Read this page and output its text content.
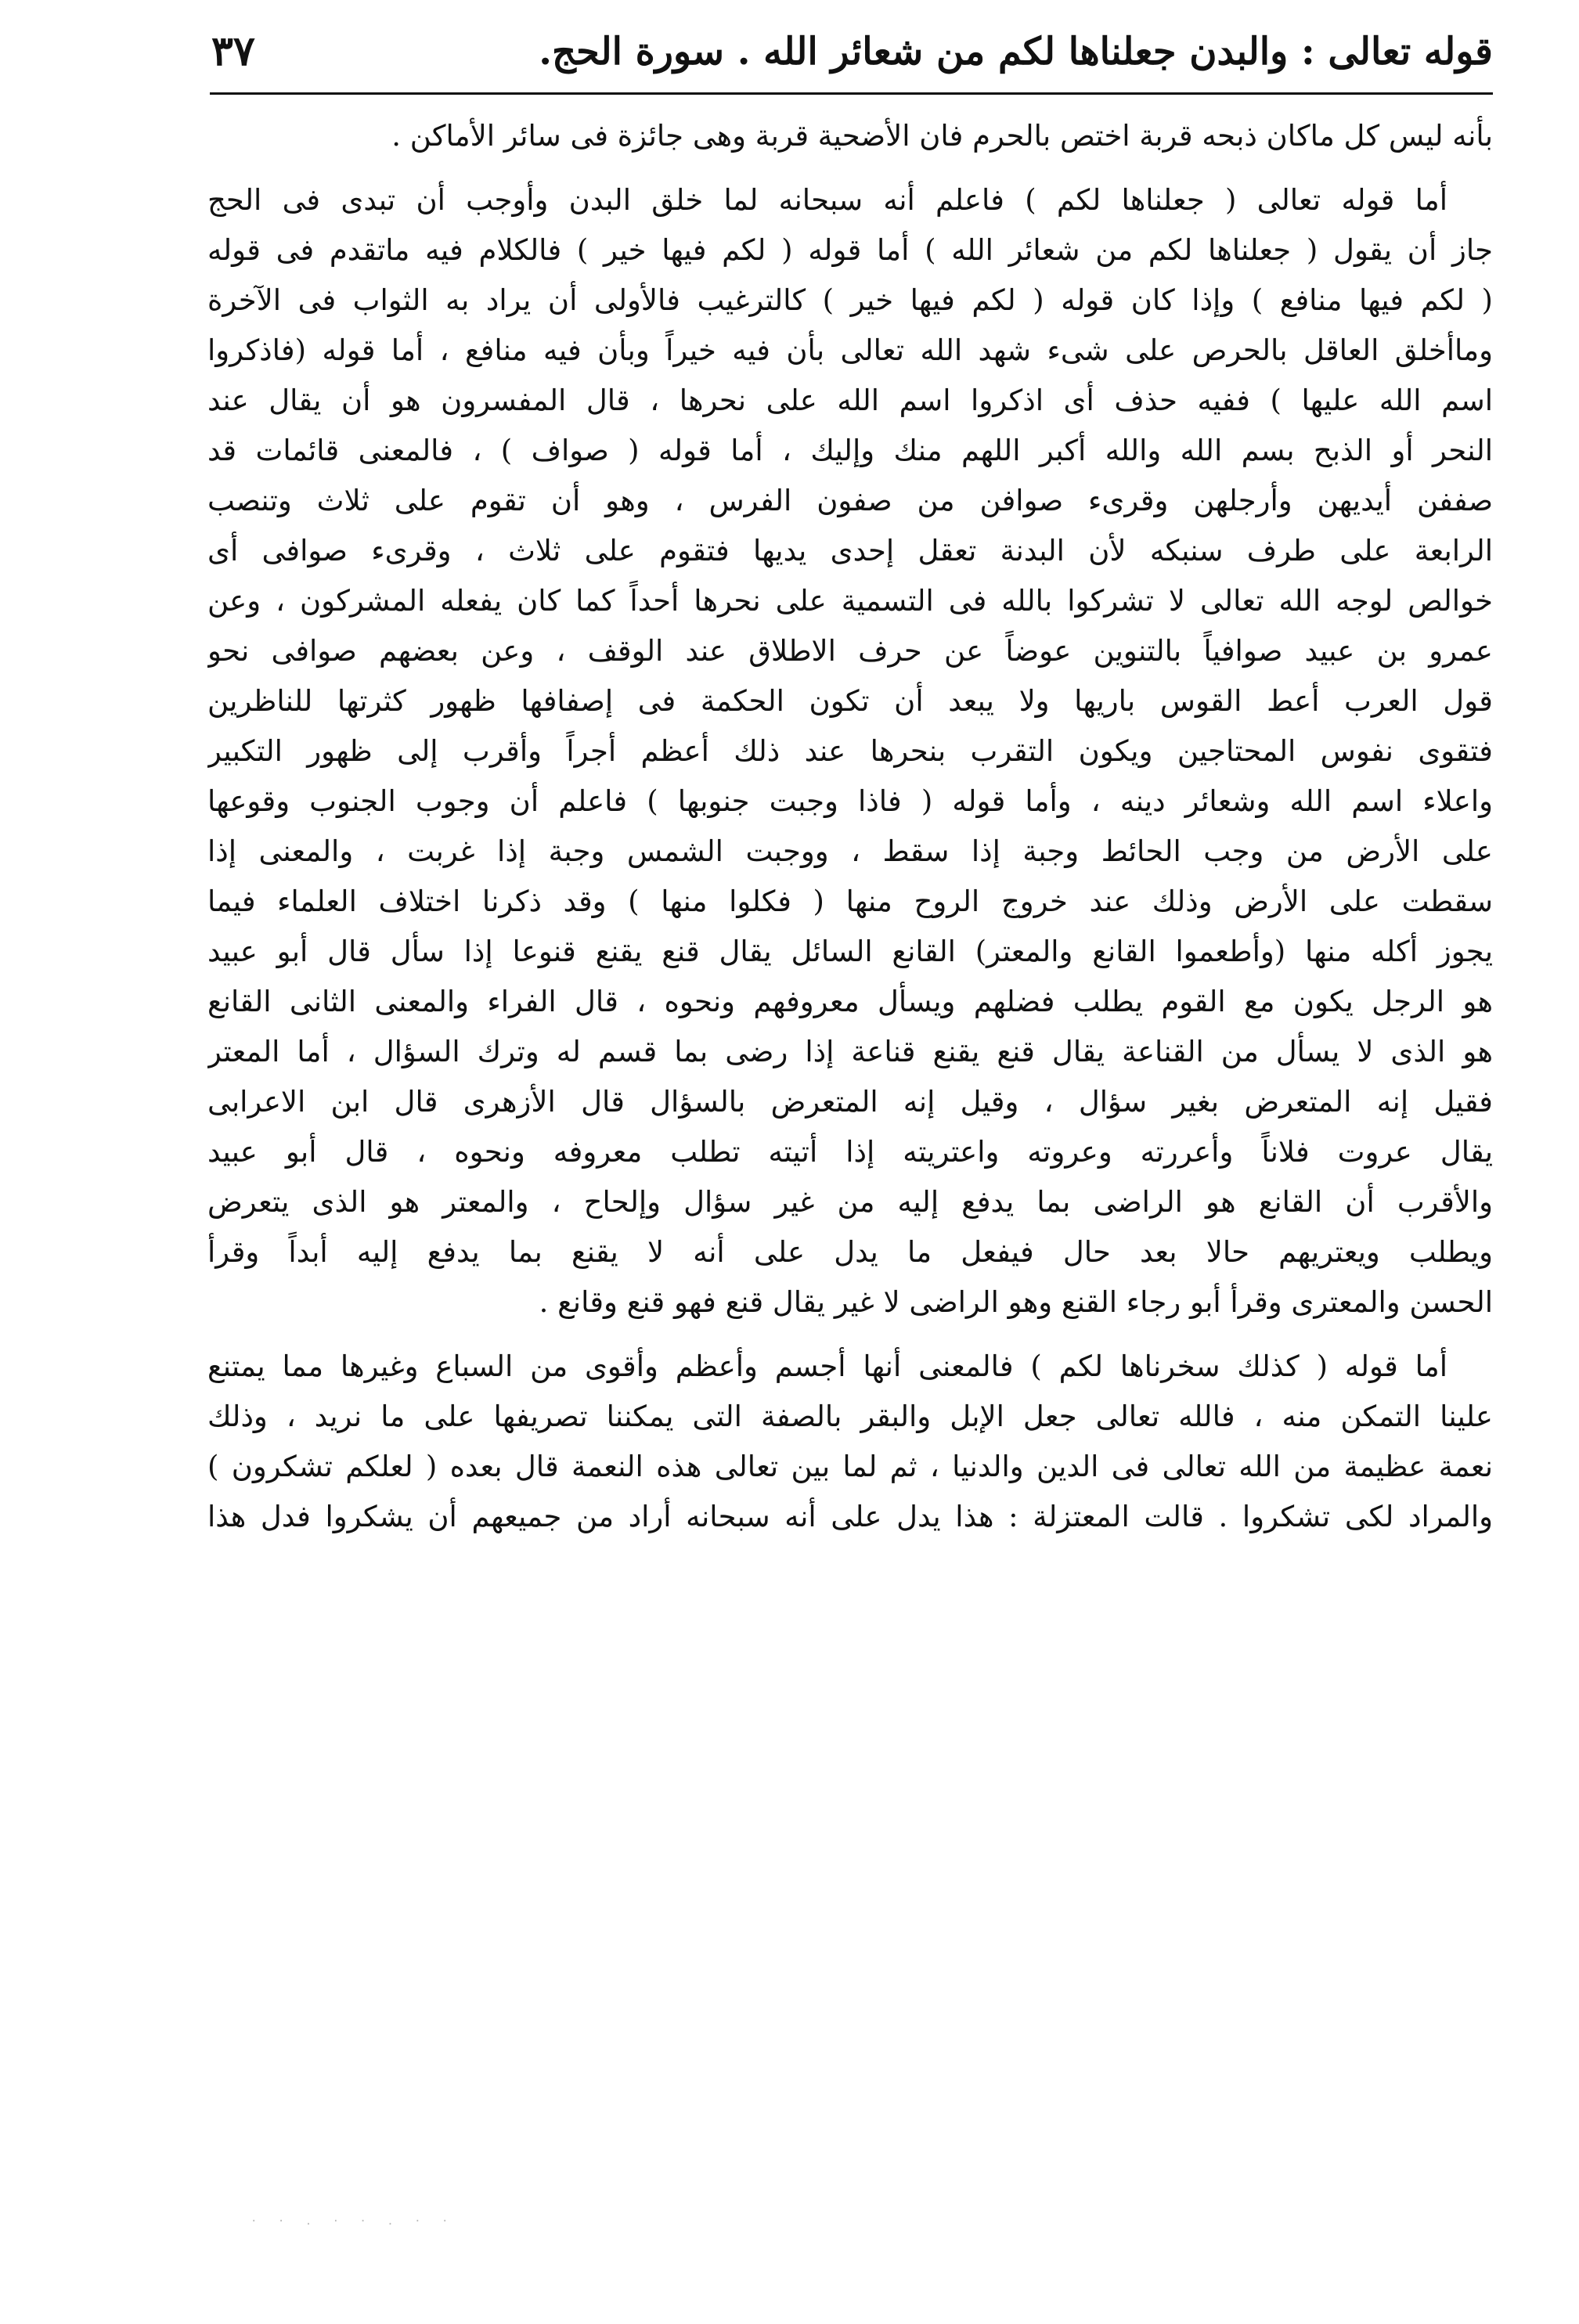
قوله تعالى : والبدن جعلناها لكم من شعائر الله . سورة الحج.
٣٧
بأنه ليس كل ماكان ذبحه قربة اختص بالحرم فان الأضحية قربة وهى جائزة فى سائر الأماكن .
أما قوله تعالى ( جعلناها لكم ) فاعلم أنه سبحانه لما خلق البدن وأوجب أن تبدى فى الحج
جاز أن يقول ( جعلناها لكم من شعائر الله ) أما قوله ( لكم فيها خير ) فالكلام فيه ماتقدم فى قوله
( لكم فيها منافع ) وإذا كان قوله ( لكم فيها خير ) كالترغيب فالأولى أن يراد به الثواب فى الآخرة
وماأخلق العاقل بالحرص على شىء شهد الله تعالى بأن فيه خيراً وبأن فيه منافع ، أما قوله (فاذكروا
اسم الله عليها ) ففيه حذف أى اذكروا اسم الله على نحرها ، قال المفسرون هو أن يقال عند
النحر أو الذبح بسم الله والله أكبر اللهم منك وإليك ، أما قوله ( صواف ) ، فالمعنى قائمات قد
صففن أيديهن وأرجلهن وقرىء صوافن من صفون الفرس ، وهو أن تقوم على ثلاث وتنصب
الرابعة على طرف سنبكه لأن البدنة تعقل إحدى يديها فتقوم على ثلاث ، وقرىء صوافى أى
خوالص لوجه الله تعالى لا تشركوا بالله فى التسمية على نحرها أحداً كما كان يفعله المشركون ، وعن
عمرو بن عبيد صوافياً بالتنوين عوضاً عن حرف الاطلاق عند الوقف ، وعن بعضهم صوافى نحو
قول العرب أعط القوس باريها ولا يبعد أن تكون الحكمة فى إصفافها ظهور كثرتها للناظرين
فتقوى نفوس المحتاجين ويكون التقرب بنحرها عند ذلك أعظم أجراً وأقرب إلى ظهور التكبير
واعلاء اسم الله وشعائر دينه ، وأما قوله ( فاذا وجبت جنوبها ) فاعلم أن وجوب الجنوب وقوعها
على الأرض من وجب الحائط وجبة إذا سقط ، ووجبت الشمس وجبة إذا غربت ، والمعنى إذا
سقطت على الأرض وذلك عند خروج الروح منها ( فكلوا منها ) وقد ذكرنا اختلاف العلماء فيما
يجوز أكله منها (وأطعموا القانع والمعتر) القانع السائل يقال قنع يقنع قنوعا إذا سأل قال أبو عبيد
هو الرجل يكون مع القوم يطلب فضلهم ويسأل معروفهم ونحوه ، قال الفراء والمعنى الثانى القانع
هو الذى لا يسأل من القناعة يقال قنع يقنع قناعة إذا رضى بما قسم له وترك السؤال ، أما المعتر
فقيل إنه المتعرض بغير سؤال ، وقيل إنه المتعرض بالسؤال قال الأزهرى قال ابن الاعرابى
يقال عروت فلاناً وأعررته وعروته واعتريته إذا أتيته تطلب معروفه ونحوه ، قال أبو عبيد
والأقرب أن القانع هو الراضى بما يدفع إليه من غير سؤال وإلحاح ، والمعتر هو الذى يتعرض
ويطلب ويعتريهم حالا بعد حال فيفعل ما يدل على أنه لا يقنع بما يدفع إليه أبداً وقرأ
الحسن والمعترى وقرأ أبو رجاء القنع وهو الراضى لا غير يقال قنع فهو قنع وقانع .
أما قوله ( كذلك سخرناها لكم ) فالمعنى أنها أجسم وأعظم وأقوى من السباع وغيرها مما يمتنع
علينا التمكن منه ، فالله تعالى جعل الإبل والبقر بالصفة التى يمكننا تصريفها على ما نريد ، وذلك
نعمة عظيمة من الله تعالى فى الدين والدنيا ، ثم لما بين تعالى هذه النعمة قال بعده ( لعلكم تشكرون )
والمراد لكى تشكروا . قالت المعتزلة : هذا يدل على أنه سبحانه أراد من جميعهم أن يشكروا فدل هذا
· · . · · . · ·
